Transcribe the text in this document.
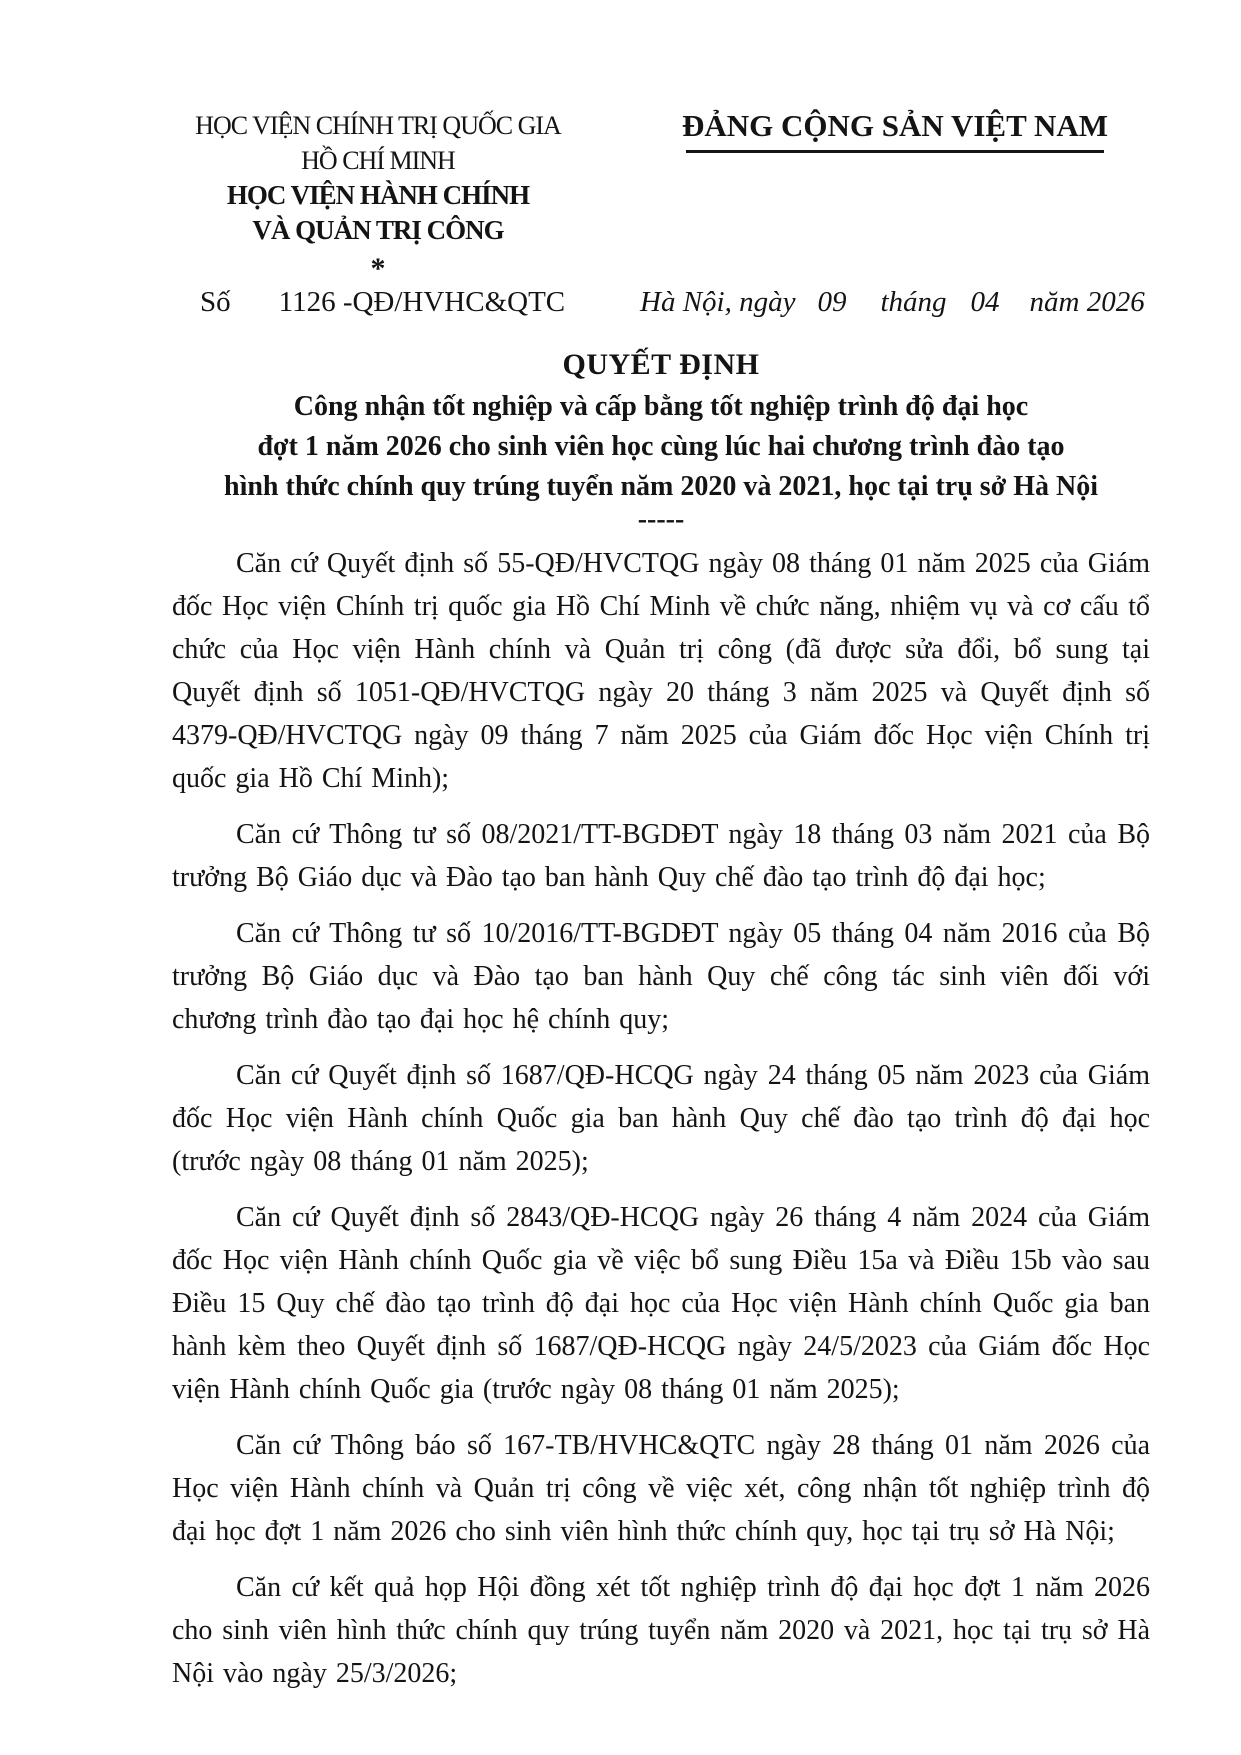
HỌC VIỆN CHÍNH TRỊ QUỐC GIA
HỒ CHÍ MINH
HỌC VIỆN HÀNH CHÍNH
VÀ QUẢN TRỊ CÔNG
*
ĐẢNG CỘNG SẢN VIỆT NAM
Số 1126 -QĐ/HVHC&QTC	Hà Nội, ngày 09 tháng 04 năm 2026
QUYẾT ĐỊNH
Công nhận tốt nghiệp và cấp bằng tốt nghiệp trình độ đại học
đợt 1 năm 2026 cho sinh viên học cùng lúc hai chương trình đào tạo
hình thức chính quy trúng tuyển năm 2020 và 2021, học tại trụ sở Hà Nội
-----

Căn cứ Quyết định số 55-QĐ/HVCTQG ngày 08 tháng 01 năm 2025 của Giám đốc Học viện Chính trị quốc gia Hồ Chí Minh về chức năng, nhiệm vụ và cơ cấu tổ chức của Học viện Hành chính và Quản trị công (đã được sửa đổi, bổ sung tại Quyết định số 1051-QĐ/HVCTQG ngày 20 tháng 3 năm 2025 và Quyết định số 4379-QĐ/HVCTQG ngày 09 tháng 7 năm 2025 của Giám đốc Học viện Chính trị quốc gia Hồ Chí Minh);

Căn cứ Thông tư số 08/2021/TT-BGDĐT ngày 18 tháng 03 năm 2021 của Bộ trưởng Bộ Giáo dục và Đào tạo ban hành Quy chế đào tạo trình độ đại học;

Căn cứ Thông tư số 10/2016/TT-BGDĐT ngày 05 tháng 04 năm 2016 của Bộ trưởng Bộ Giáo dục và Đào tạo ban hành Quy chế công tác sinh viên đối với chương trình đào tạo đại học hệ chính quy;

Căn cứ Quyết định số 1687/QĐ-HCQG ngày 24 tháng 05 năm 2023 của Giám đốc Học viện Hành chính Quốc gia ban hành Quy chế đào tạo trình độ đại học (trước ngày 08 tháng 01 năm 2025);

Căn cứ Quyết định số 2843/QĐ-HCQG ngày 26 tháng 4 năm 2024 của Giám đốc Học viện Hành chính Quốc gia về việc bổ sung Điều 15a và Điều 15b vào sau Điều 15 Quy chế đào tạo trình độ đại học của Học viện Hành chính Quốc gia ban hành kèm theo Quyết định số 1687/QĐ-HCQG ngày 24/5/2023 của Giám đốc Học viện Hành chính Quốc gia (trước ngày 08 tháng 01 năm 2025);

Căn cứ Thông báo số 167-TB/HVHC&QTC ngày 28 tháng 01 năm 2026 của Học viện Hành chính và Quản trị công về việc xét, công nhận tốt nghiệp trình độ đại học đợt 1 năm 2026 cho sinh viên hình thức chính quy, học tại trụ sở Hà Nội;

Căn cứ kết quả họp Hội đồng xét tốt nghiệp trình độ đại học đợt 1 năm 2026 cho sinh viên hình thức chính quy trúng tuyển năm 2020 và 2021, học tại trụ sở Hà Nội vào ngày 25/3/2026;
